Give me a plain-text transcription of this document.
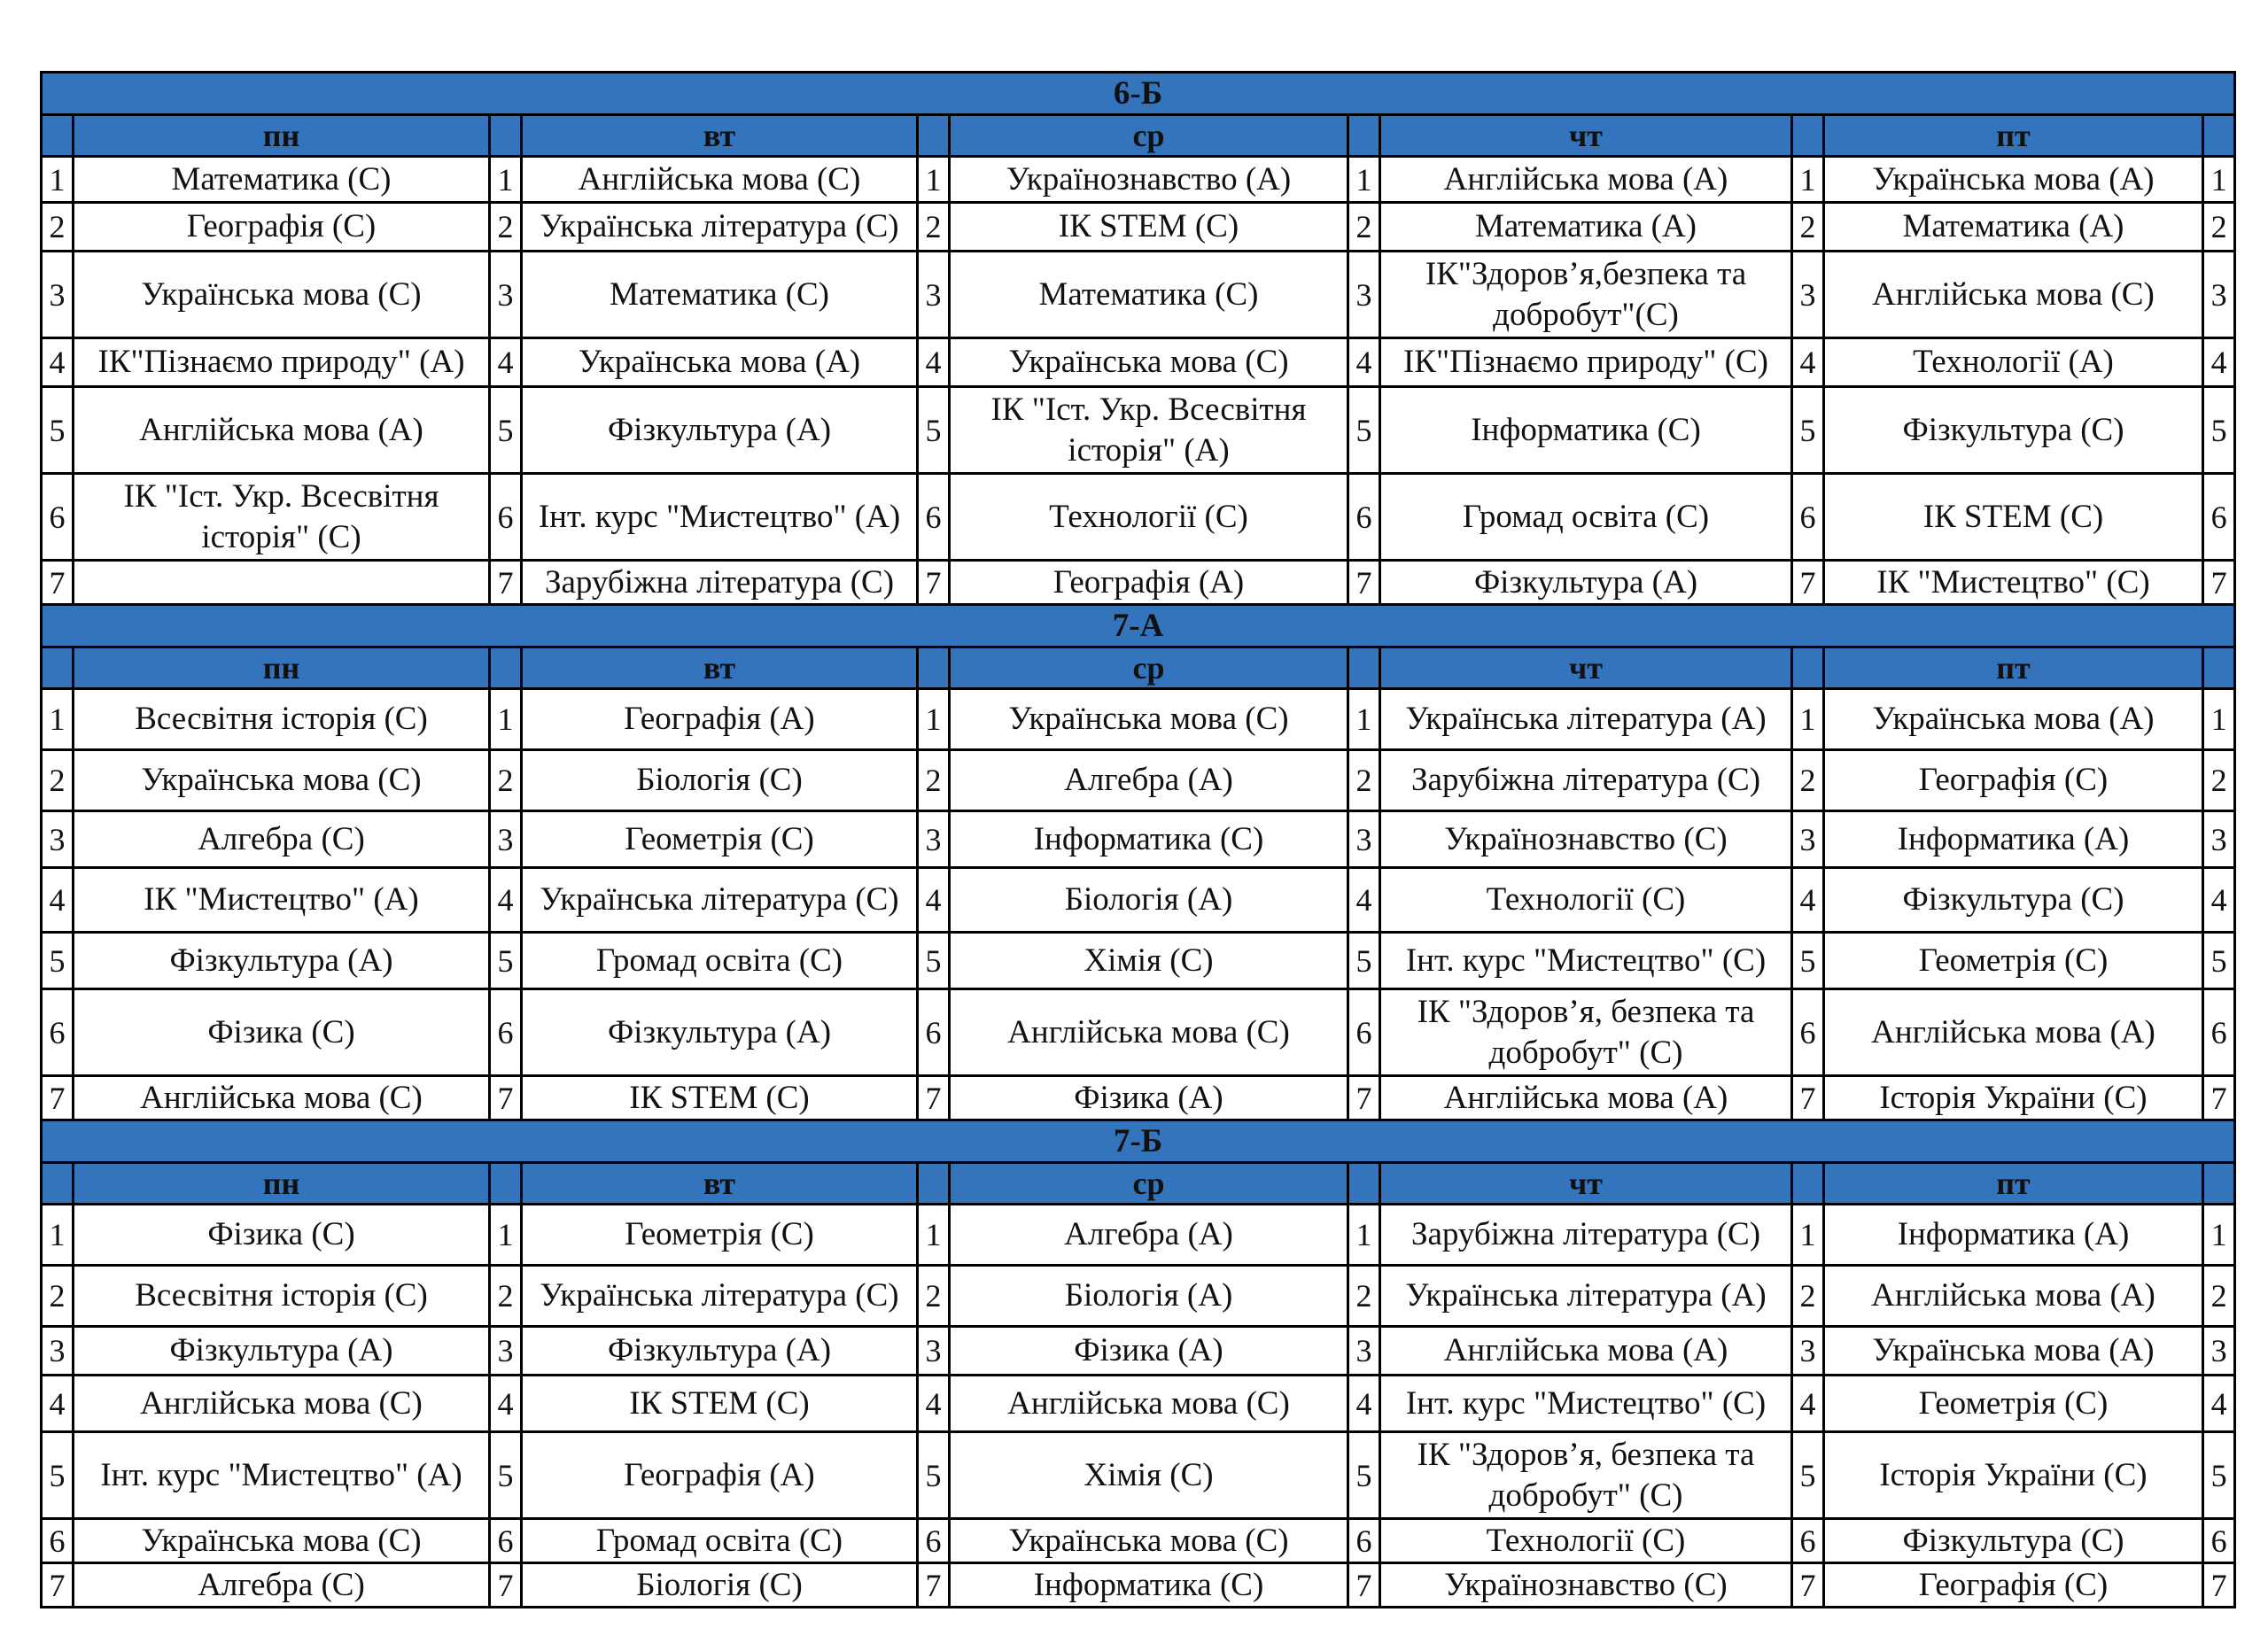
6-Б										
	пн		вт		ср		чт		пт	
1	Математика (С)	1	Англійська мова (С)	1	Українознавство (А)	1	Англійська мова (А)	1	Українська мова (А)	1
2	Географія (С)	2	Українська література (С)	2	ІК STEM (С)	2	Математика (А)	2	Математика (А)	2
3	Українська мова (С)	3	Математика (С)	3	Математика (С)	3	ІК"Здоров’я,безпека та добробут"(С)	3	Англійська мова (С)	3
4	ІК"Пізнаємо природу" (А)	4	Українська мова (А)	4	Українська мова (С)	4	ІК"Пізнаємо природу" (С)	4	Технології (А)	4
5	Англійська мова (А)	5	Фізкультура (А)	5	ІК "Іст. Укр. Всесвітня історія" (А)	5	Інформатика (С)	5	Фізкультура (С)	5
6	ІК "Іст. Укр. Всесвітня історія" (С)	6	Інт. курс "Мистецтво" (А)	6	Технології (С)	6	Громад освіта (С)	6	ІК STEM (С)	6
7		7	Зарубіжна література (С)	7	Географія (А)	7	Фізкультура (А)	7	ІК "Мистецтво" (С)	7
7-А										
	пн		вт		ср		чт		пт	
1	Всесвітня історія (С)	1	Географія (А)	1	Українська мова (С)	1	Українська література (А)	1	Українська мова (А)	1
2	Українська мова (С)	2	Біологія (С)	2	Алгебра (А)	2	Зарубіжна література (С)	2	Географія (С)	2
3	Алгебра (С)	3	Геометрія (С)	3	Інформатика (С)	3	Українознавство (С)	3	Інформатика (А)	3
4	ІК "Мистецтво" (А)	4	Українська література (С)	4	Біологія (А)	4	Технології (С)	4	Фізкультура (С)	4
5	Фізкультура (А)	5	Громад освіта (С)	5	Хімія (С)	5	Інт. курс "Мистецтво" (С)	5	Геометрія (С)	5
6	Фізика (С)	6	Фізкультура (А)	6	Англійська мова (С)	6	ІК "Здоров’я, безпека та добробут" (С)	6	Англійська мова (А)	6
7	Англійська мова (С)	7	ІК STEM (С)	7	Фізика (А)	7	Англійська мова (А)	7	Історія України (С)	7
7-Б										
	пн		вт		ср		чт		пт	
1	Фізика (С)	1	Геометрія (С)	1	Алгебра (А)	1	Зарубіжна література (С)	1	Інформатика (А)	1
2	Всесвітня історія (С)	2	Українська література (С)	2	Біологія (А)	2	Українська література (А)	2	Англійська мова (А)	2
3	Фізкультура (А)	3	Фізкультура (А)	3	Фізика (А)	3	Англійська мова (А)	3	Українська мова (А)	3
4	Англійська мова (С)	4	ІК STEM (С)	4	Англійська мова (С)	4	Інт. курс "Мистецтво" (С)	4	Геометрія (С)	4
5	Інт. курс "Мистецтво" (А)	5	Географія (А)	5	Хімія (С)	5	ІК "Здоров’я, безпека та добробут" (С)	5	Історія України (С)	5
6	Українська мова (С)	6	Громад освіта (С)	6	Українська мова (С)	6	Технології (С)	6	Фізкультура (С)	6
7	Алгебра (С)	7	Біологія (С)	7	Інформатика (С)	7	Українознавство (С)	7	Географія (С)	7
